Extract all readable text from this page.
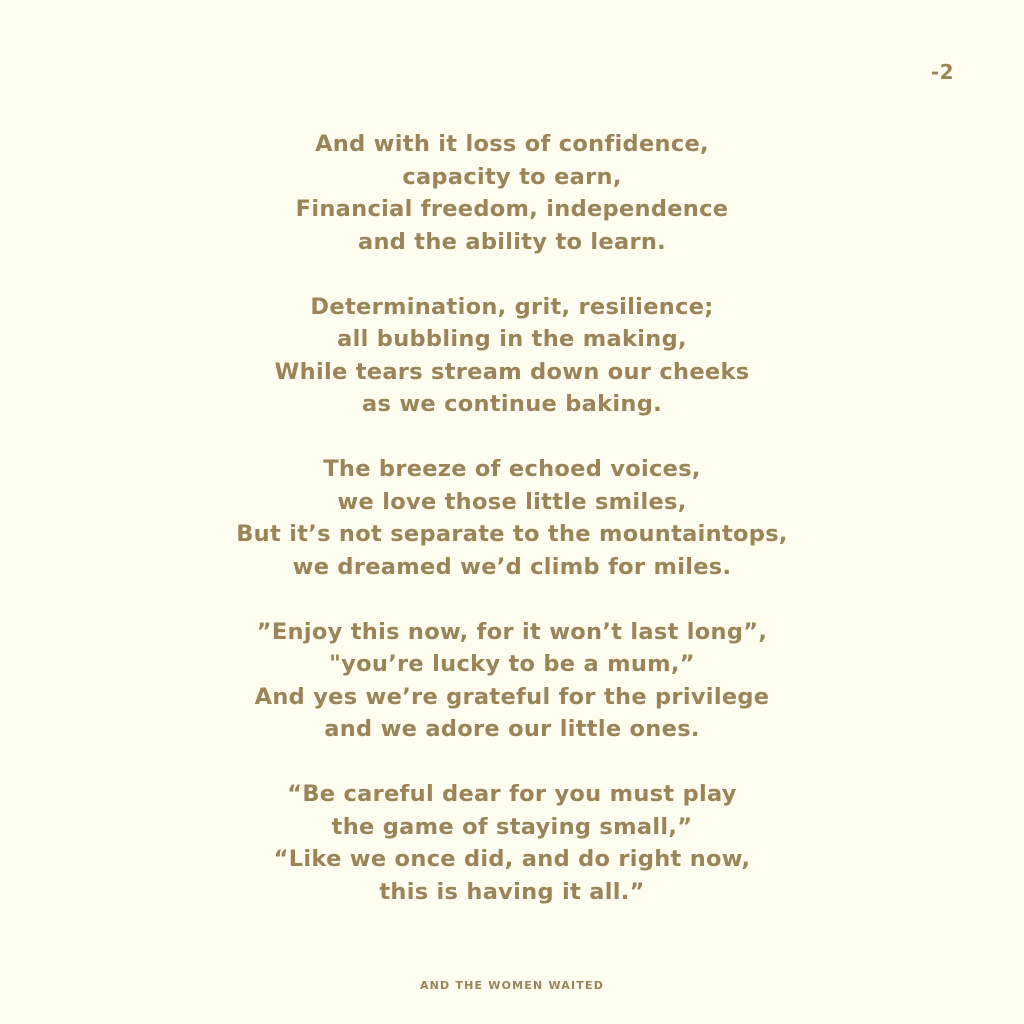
-2
And with it loss of confidence,
capacity to earn,
Financial freedom, independence
and the ability to learn.
Determination, grit, resilience;
all bubbling in the making,
While tears stream down our cheeks
as we continue baking.
The breeze of echoed voices,
we love those little smiles,
But it’s not separate to the mountaintops,
we dreamed we’d climb for miles.
”Enjoy this now, for it won’t last long”,
"you’re lucky to be a mum,”
And yes we’re grateful for the privilege
and we adore our little ones.
“Be careful dear for you must play
the game of staying small,”
“Like we once did, and do right now,
this is having it all.”
AND THE WOMEN WAITED
